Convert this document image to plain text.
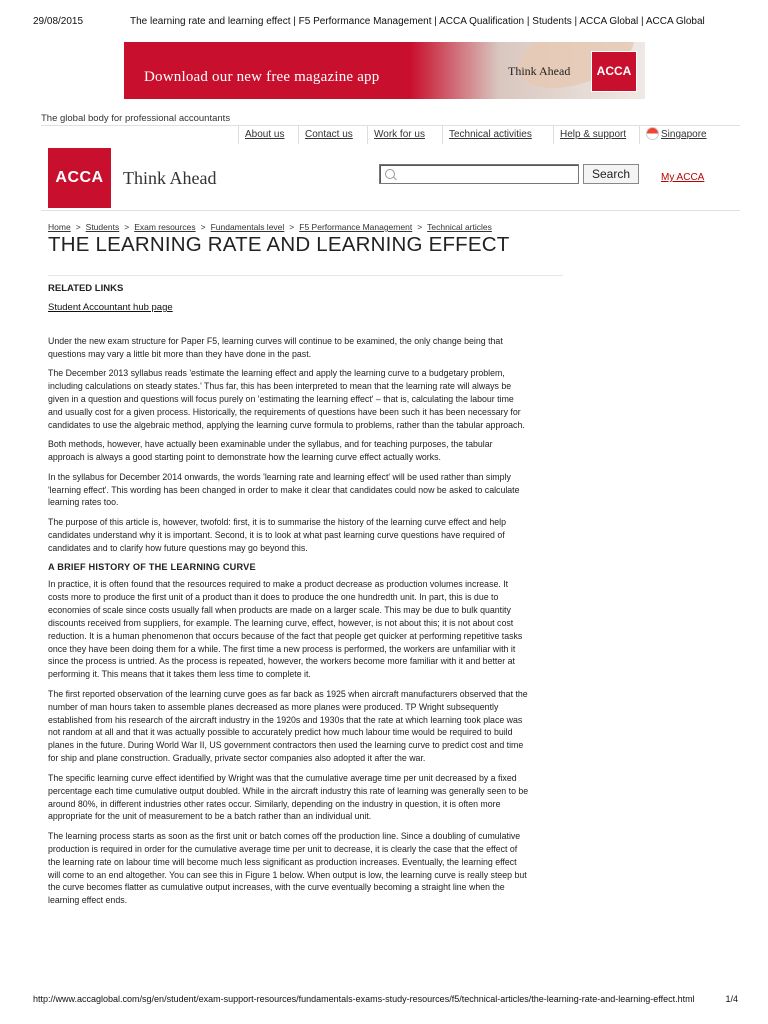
29/08/2015	The learning rate and learning effect | F5 Performance Management | ACCA Qualification | Students | ACCA Global | ACCA Global
Download our new free magazine app	Think Ahead	ACCA
The global body for professional accountants
About us Contact us Work for us Technical activities	Help & support	Singapore
ACCA	Think Ahead	Search	My ACCA
Home > Students > Exam resources > Fundamentals level > F5 Performance Management > Technical articles
THE LEARNING RATE AND LEARNING EFFECT
RELATED LINKS
Student Accountant hub page

Under the new exam structure for Paper F5, learning curves will continue to be examined, the only change being that questions may vary a little bit more than they have done in the past.

The December 2013 syllabus reads 'estimate the learning effect and apply the learning curve to a budgetary problem, including calculations on steady states.' Thus far, this has been interpreted to mean that the learning rate will always be given in a question and questions will focus purely on 'estimating the learning effect' – that is, calculating the labour time and usually cost for a given process. Historically, the requirements of questions have been such it has been necessary for candidates to use the algebraic method, applying the learning curve formula to problems, rather than the tabular approach.

Both methods, however, have actually been examinable under the syllabus, and for teaching purposes, the tabular approach is always a good starting point to demonstrate how the learning curve effect actually works.

In the syllabus for December 2014 onwards, the words 'learning rate and learning effect' will be used rather than simply 'learning effect'. This wording has been changed in order to make it clear that candidates could now be asked to calculate learning rates too.

The purpose of this article is, however, twofold: first, it is to summarise the history of the learning curve effect and help candidates understand why it is important. Second, it is to look at what past learning curve questions have required of candidates and to clarify how future questions may go beyond this.

A BRIEF HISTORY OF THE LEARNING CURVE

In practice, it is often found that the resources required to make a product decrease as production volumes increase. It costs more to produce the first unit of a product than it does to produce the one hundredth unit. In part, this is due to economies of scale since costs usually fall when products are made on a larger scale. This may be due to bulk quantity discounts received from suppliers, for example. The learning curve, effect, however, is not about this; it is not about cost reduction. It is a human phenomenon that occurs because of the fact that people get quicker at performing repetitive tasks once they have been doing them for a while. The first time a new process is performed, the workers are unfamiliar with it since the process is untried. As the process is repeated, however, the workers become more familiar with it and better at performing it. This means that it takes them less time to complete it.

The first reported observation of the learning curve goes as far back as 1925 when aircraft manufacturers observed that the number of man hours taken to assemble planes decreased as more planes were produced. TP Wright subsequently established from his research of the aircraft industry in the 1920s and 1930s that the rate at which learning took place was not random at all and that it was actually possible to accurately predict how much labour time would be required to build planes in the future. During World War II, US government contractors then used the learning curve to predict cost and time for ship and plane construction. Gradually, private sector companies also adopted it after the war.

The specific learning curve effect identified by Wright was that the cumulative average time per unit decreased by a fixed percentage each time cumulative output doubled. While in the aircraft industry this rate of learning was generally seen to be around 80%, in different industries other rates occur. Similarly, depending on the industry in question, it is often more appropriate for the unit of measurement to be a batch rather than an individual unit.

The learning process starts as soon as the first unit or batch comes off the production line. Since a doubling of cumulative production is required in order for the cumulative average time per unit to decrease, it is clearly the case that the effect of the learning rate on labour time will become much less significant as production increases. Eventually, the learning effect will come to an end altogether. You can see this in Figure 1 below. When output is low, the learning curve is really steep but the curve becomes flatter as cumulative output increases, with the curve eventually becoming a straight line when the learning effect ends.

http://www.accaglobal.com/sg/en/student/exam-support-resources/fundamentals-exams-study-resources/f5/technical-articles/the-learning-rate-and-learning-effect.html	1/4
